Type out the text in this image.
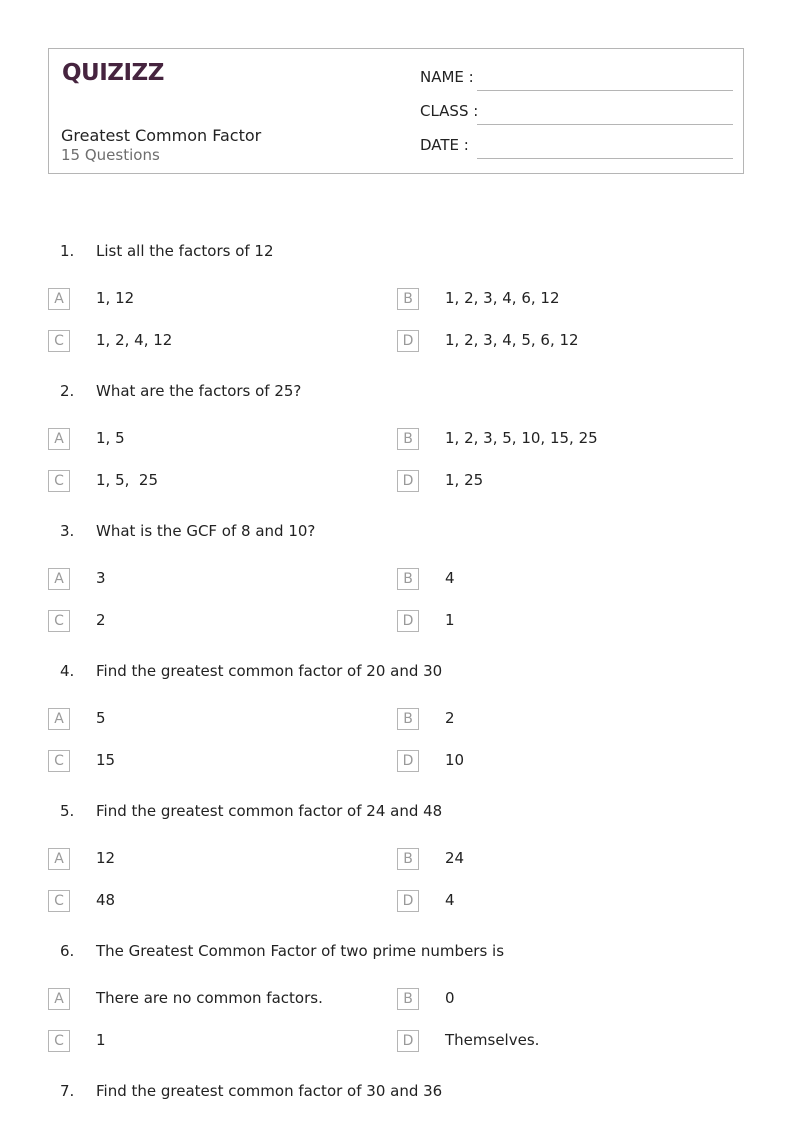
QUIZIZZ
Greatest Common Factor
15 Questions
NAME :
CLASS :
DATE :
1. List all the factors of 12
A	1, 12	B	1, 2, 3, 4, 6, 12
C	1, 2, 4, 12	D	1, 2, 3, 4, 5, 6, 12
2. What are the factors of 25?
A	1, 5	B	1, 2, 3, 5, 10, 15, 25
C	1, 5,  25	D	1, 25
3. What is the GCF of 8 and 10?
A	3	B	4
C	2	D	1
4. Find the greatest common factor of 20 and 30
A	5	B	2
C	15	D	10
5. Find the greatest common factor of 24 and 48
A	12	B	24
C	48	D	4
6. The Greatest Common Factor of two prime numbers is
A	There are no common factors.	B	0
C	1	D	Themselves.
7. Find the greatest common factor of 30 and 36
